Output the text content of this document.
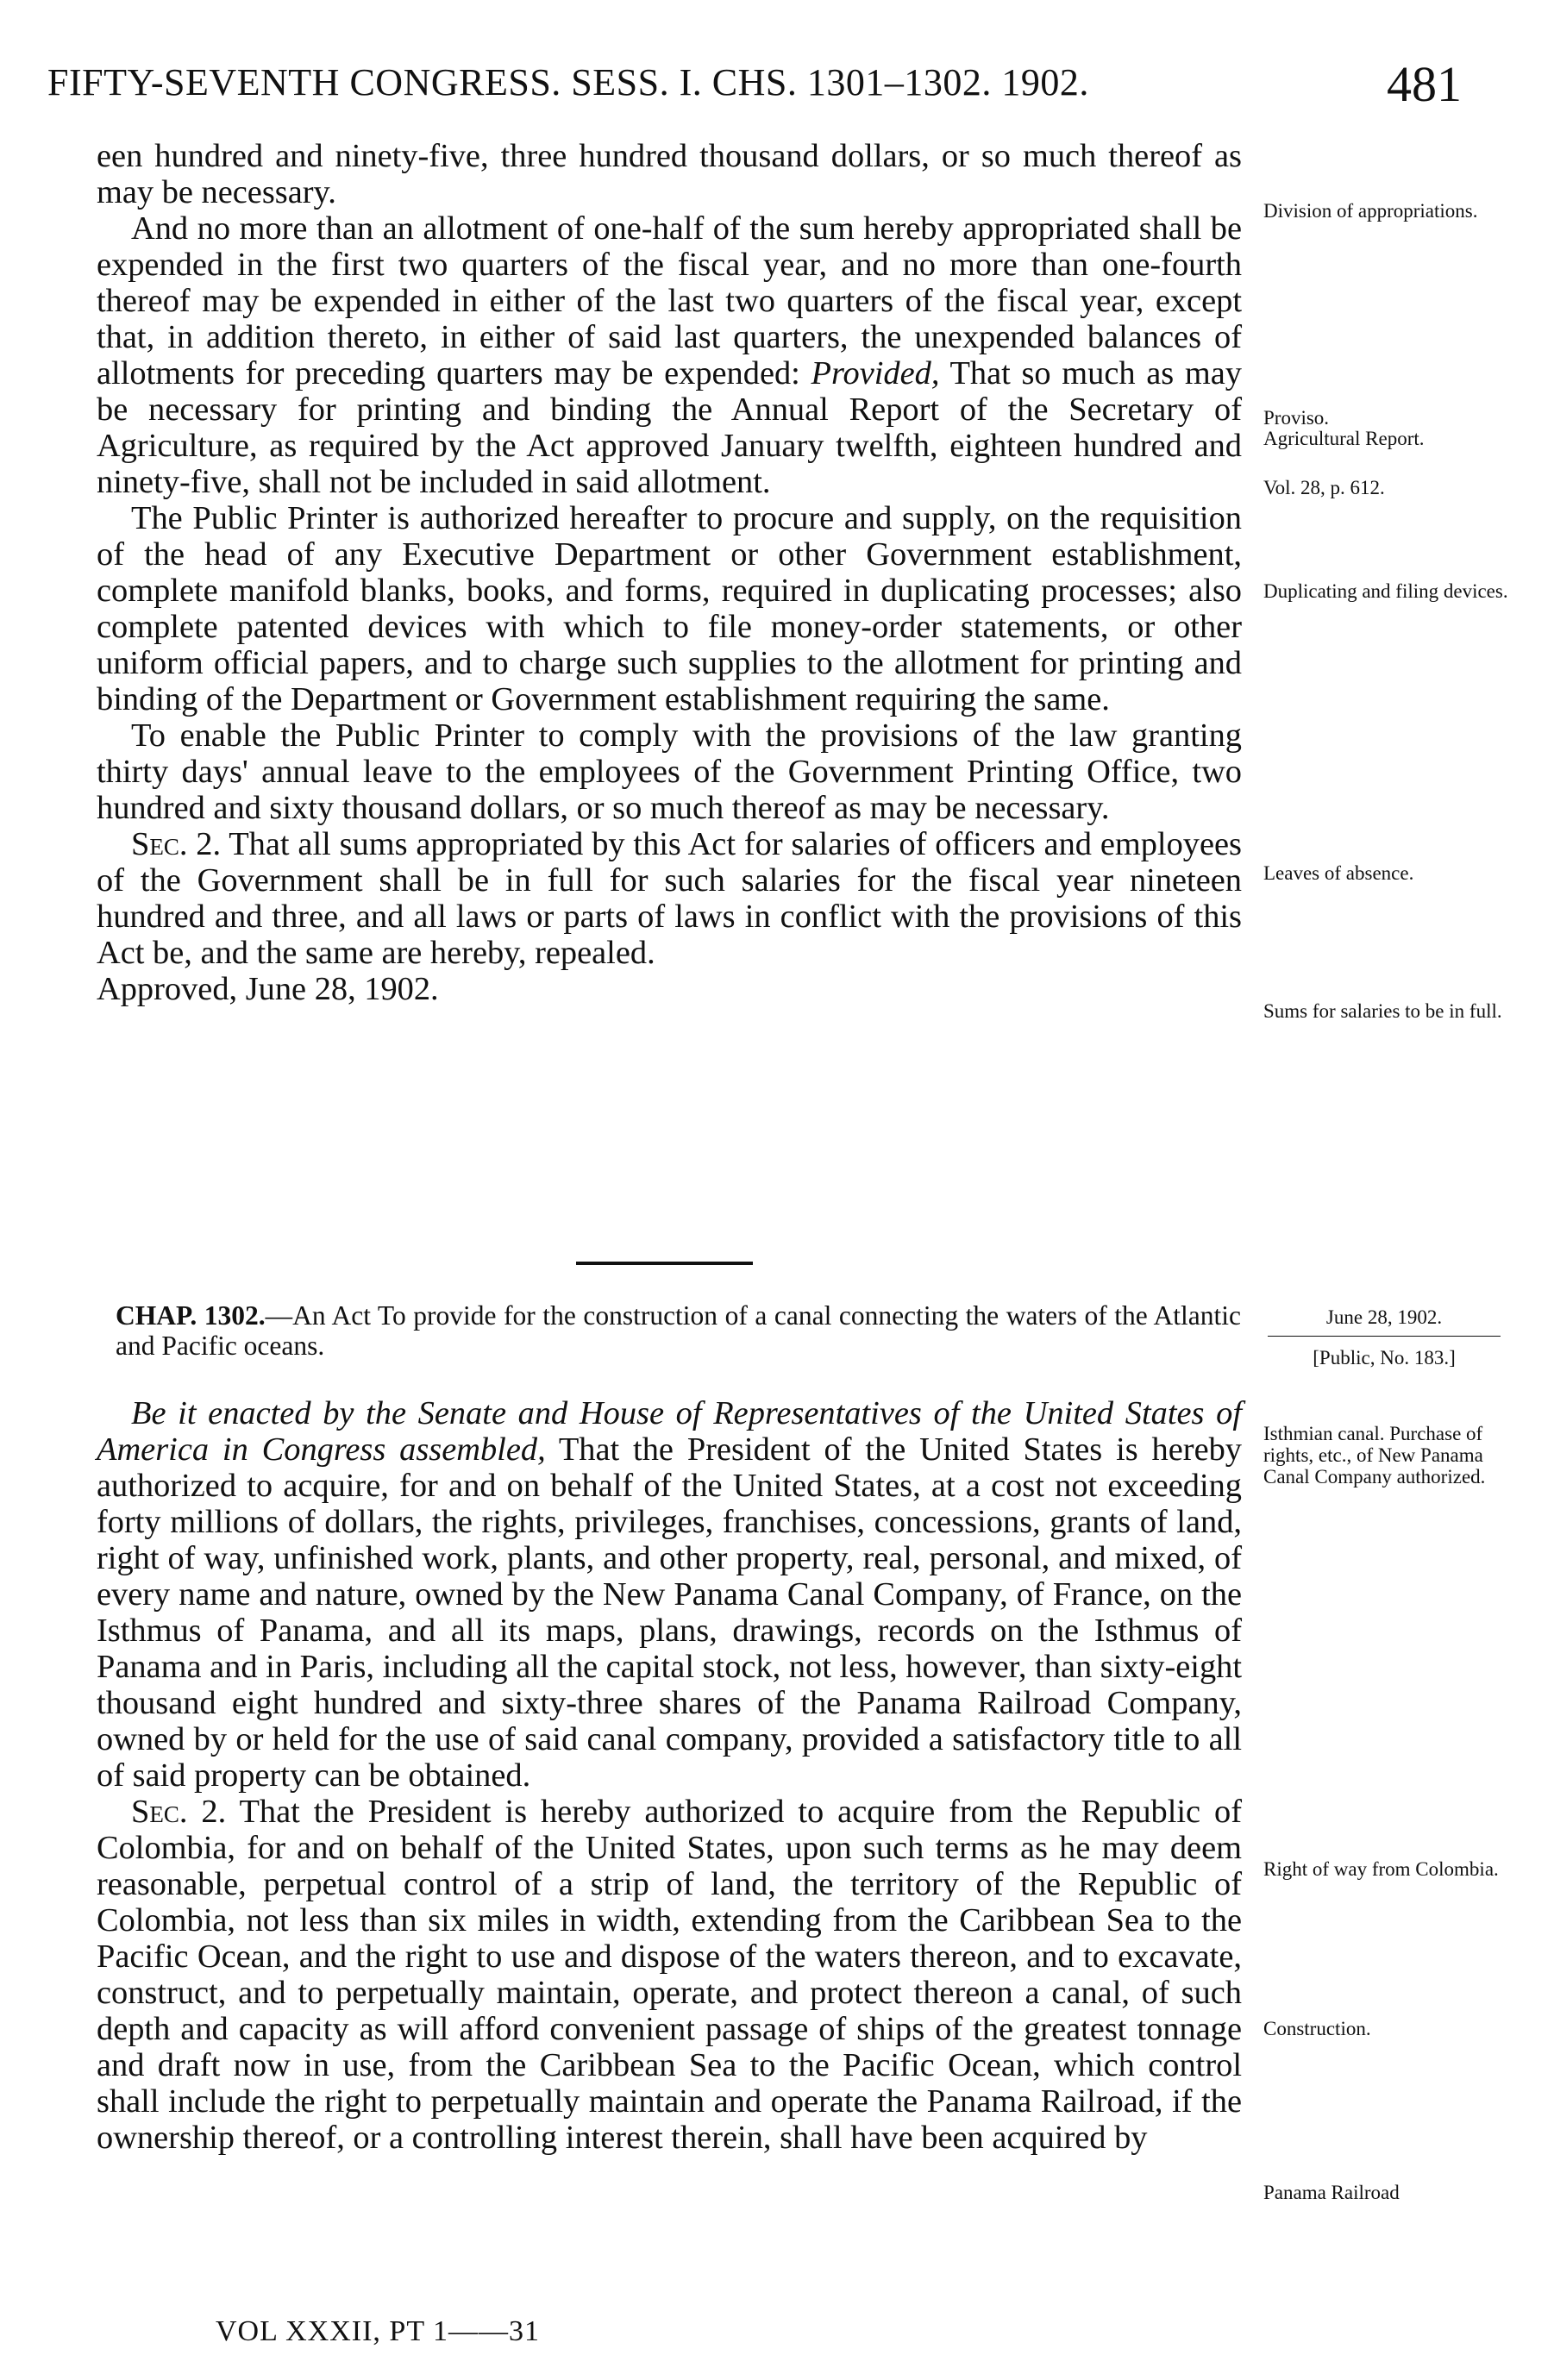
FIFTY-SEVENTH CONGRESS. SESS. I. CHS. 1301–1302. 1902.	481

een hundred and ninety-five, three hundred thousand dollars, or so much thereof as may be necessary.

And no more than an allotment of one-half of the sum hereby appropriated shall be expended in the first two quarters of the fiscal year, and no more than one-fourth thereof may be expended in either of the last two quarters of the fiscal year, except that, in addition thereto, in either of said last quarters, the unexpended balances of allotments for preceding quarters may be expended: Provided, That so much as may be necessary for printing and binding the Annual Report of the Secretary of Agriculture, as required by the Act approved January twelfth, eighteen hundred and ninety-five, shall not be included in said allotment.

The Public Printer is authorized hereafter to procure and supply, on the requisition of the head of any Executive Department or other Government establishment, complete manifold blanks, books, and forms, required in duplicating processes; also complete patented devices with which to file money-order statements, or other uniform official papers, and to charge such supplies to the allotment for printing and binding of the Department or Government establishment requiring the same.

To enable the Public Printer to comply with the provisions of the law granting thirty days' annual leave to the employees of the Government Printing Office, two hundred and sixty thousand dollars, or so much thereof as may be necessary.

Sec. 2. That all sums appropriated by this Act for salaries of officers and employees of the Government shall be in full for such salaries for the fiscal year nineteen hundred and three, and all laws or parts of laws in conflict with the provisions of this Act be, and the same are hereby, repealed.

Approved, June 28, 1902.

CHAP. 1302.—An Act To provide for the construction of a canal connecting the waters of the Atlantic and Pacific oceans.
June 28, 1902.
[Public, No. 183.]

Be it enacted by the Senate and House of Representatives of the United States of America in Congress assembled, That the President of the United States is hereby authorized to acquire, for and on behalf of the United States, at a cost not exceeding forty millions of dollars, the rights, privileges, franchises, concessions, grants of land, right of way, unfinished work, plants, and other property, real, personal, and mixed, of every name and nature, owned by the New Panama Canal Company, of France, on the Isthmus of Panama, and all its maps, plans, drawings, records on the Isthmus of Panama and in Paris, including all the capital stock, not less, however, than sixty-eight thousand eight hundred and sixty-three shares of the Panama Railroad Company, owned by or held for the use of said canal company, provided a satisfactory title to all of said property can be obtained.

Sec. 2. That the President is hereby authorized to acquire from the Republic of Colombia, for and on behalf of the United States, upon such terms as he may deem reasonable, perpetual control of a strip of land, the territory of the Republic of Colombia, not less than six miles in width, extending from the Caribbean Sea to the Pacific Ocean, and the right to use and dispose of the waters thereon, and to excavate, construct, and to perpetually maintain, operate, and protect thereon a canal, of such depth and capacity as will afford convenient passage of ships of the greatest tonnage and draft now in use, from the Caribbean Sea to the Pacific Ocean, which control shall include the right to perpetually maintain and operate the Panama Railroad, if the ownership thereof, or a controlling interest therein, shall have been acquired by

Division of appropriations.
Proviso.
Agricultural Report.
Vol. 28, p. 612.
Duplicating and filing devices.
Leaves of absence.
Sums for salaries to be in full.
Isthmian canal. Purchase of rights, etc., of New Panama Canal Company authorized.
Right of way from Colombia.
Construction.
Panama Railroad
VOL XXXII, PT 1——31
